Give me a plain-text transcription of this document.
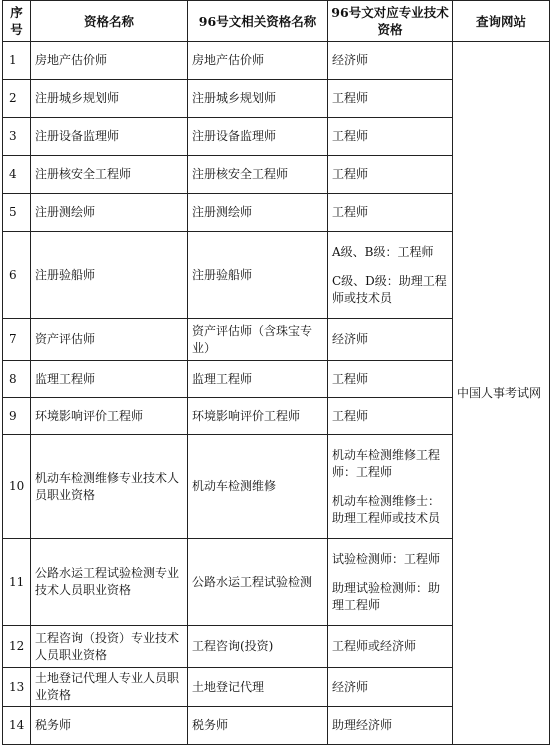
序号	资格名称	96号文相关资格名称	96号文对应专业技术资格	查询网站
1	房地产估价师	房地产估价师	经济师	中国人事考试网
2	注册城乡规划师	注册城乡规划师	工程师	
3	注册设备监理师	注册设备监理师	工程师	
4	注册核安全工程师	注册核安全工程师	工程师	
5	注册测绘师	注册测绘师	工程师	
6	注册验船师	注册验船师	A级、B级：工程师
C级、D级：助理工程师或技术员	
7	资产评估师	资产评估师（含珠宝专业）	经济师	
8	监理工程师	监理工程师	工程师	
9	环境影响评价工程师	环境影响评价工程师	工程师	
10	机动车检测维修专业技术人员职业资格	机动车检测维修	机动车检测维修工程师：工程师
机动车检测维修士：助理工程师或技术员	
11	公路水运工程试验检测专业技术人员职业资格	公路水运工程试验检测	试验检测师：工程师
助理试验检测师：助理工程师	
12	工程咨询（投资）专业技术人员职业资格	工程咨询(投资)	工程师或经济师	
13	土地登记代理人专业人员职业资格	土地登记代理	经济师	
14	税务师	税务师	助理经济师	
